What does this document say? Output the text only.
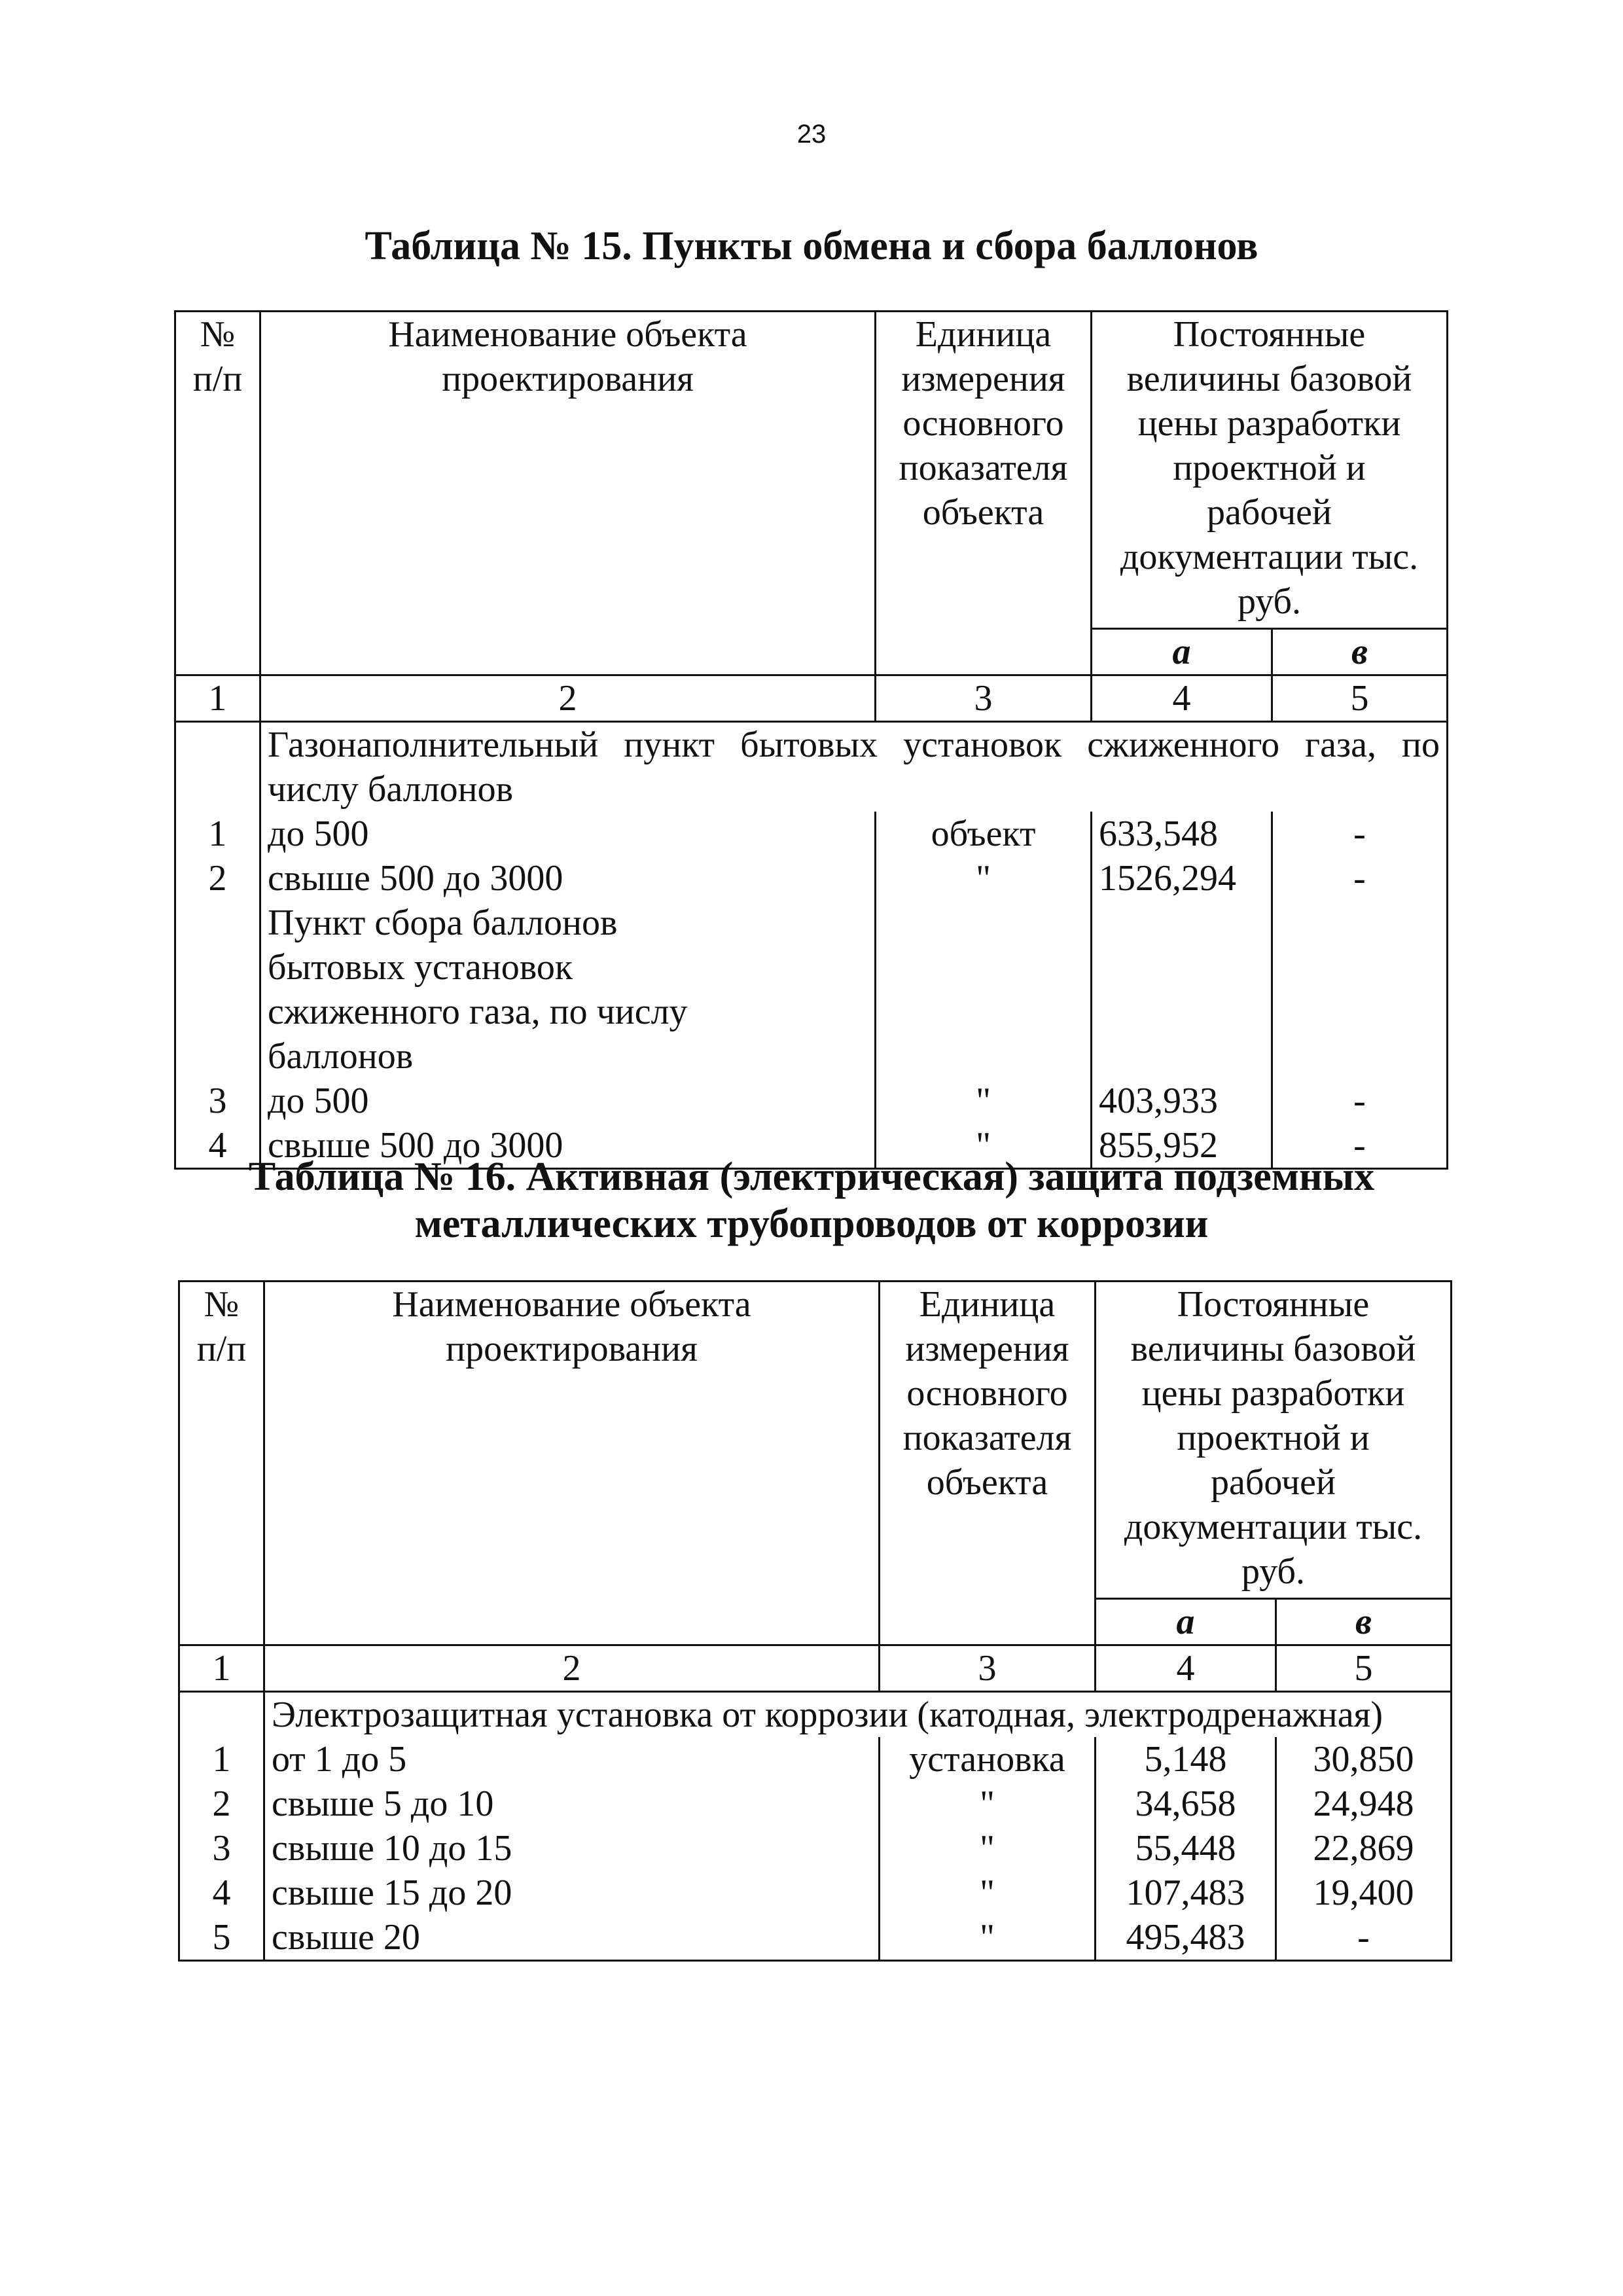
23
Таблица № 15. Пункты обмена и сбора баллонов
№ п/п	Наименование объекта проектирования	Единица измерения основного показателя объекта	Постоянные величины базовой цены разработки проектной и рабочей документации тыс. руб.	
			а	в
1	2	3	4	5
	Газонаполнительный пункт бытовых установок сжиженного газа, по числу баллонов			
1	до 500	объект	633,548	-
2	свыше 500 до 3000	"	1526,294	-
	Пункт сбора баллонов бытовых установок сжиженного газа, по числу баллонов			
3	до 500	"	403,933	-
4	свыше 500 до 3000	"	855,952	-
Таблица № 16. Активная (электрическая) защита подземных
металлических трубопроводов от коррозии
№ п/п	Наименование объекта проектирования	Единица измерения основного показателя объекта	Постоянные величины базовой цены разработки проектной и рабочей документации тыс. руб.	
			а	в
1	2	3	4	5
	Электрозащитная установка от коррозии (катодная, электродренажная)			
1	от 1 до 5	установка	5,148	30,850
2	свыше 5 до 10	"	34,658	24,948
3	свыше 10 до 15	"	55,448	22,869
4	свыше 15 до 20	"	107,483	19,400
5	свыше 20	"	495,483	-
